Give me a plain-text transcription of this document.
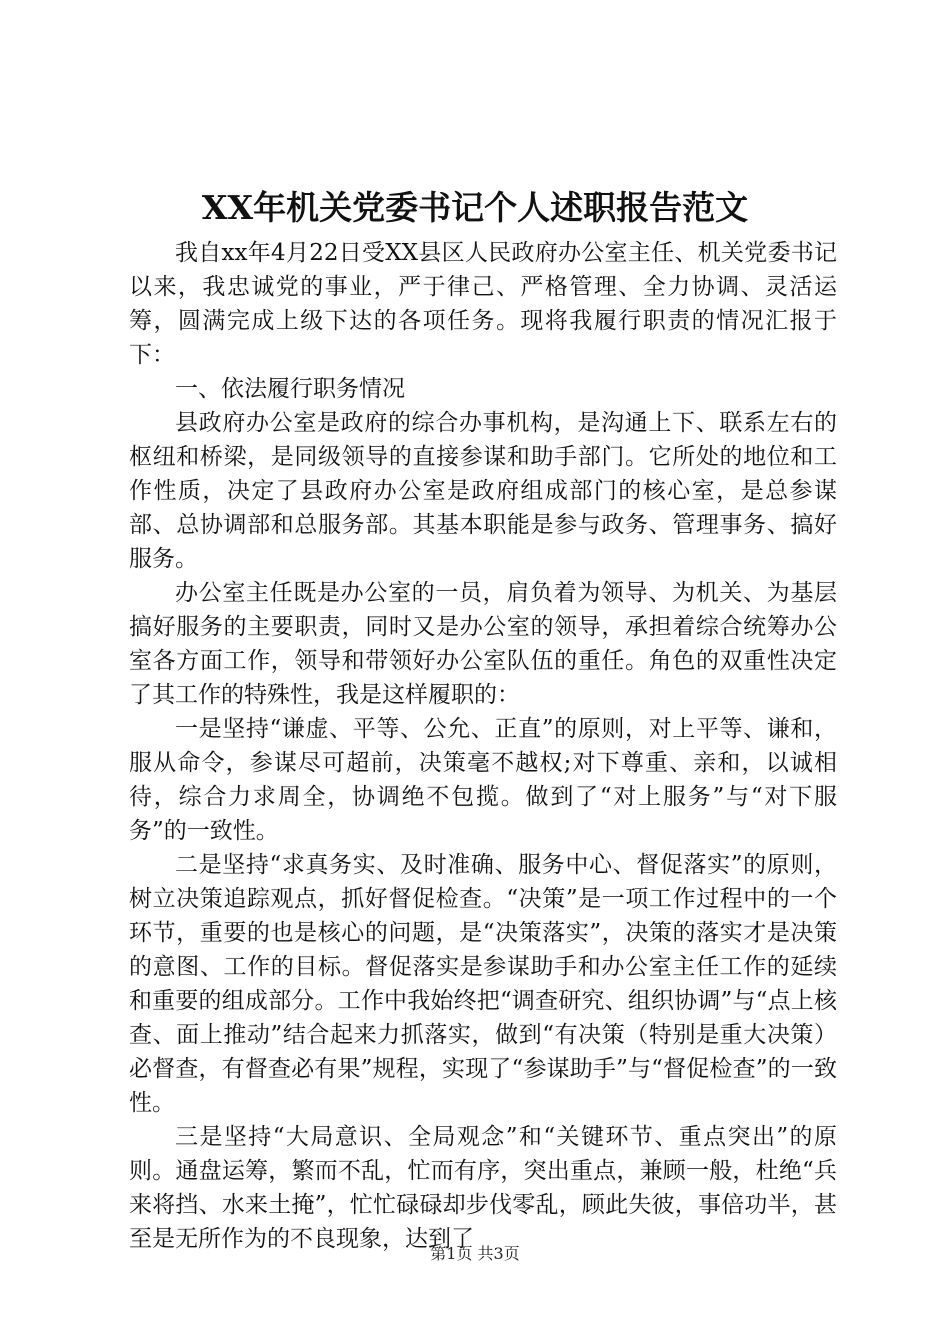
XX年机关党委书记个人述职报告范文

我自xx年4月22日受XX县区人民政府办公室主任、机关党委书记以来，我忠诚党的事业，严于律己、严格管理、全力协调、灵活运筹，圆满完成上级下达的各项任务。现将我履行职责的情况汇报于下：

一、依法履行职务情况

县政府办公室是政府的综合办事机构，是沟通上下、联系左右的枢纽和桥梁，是同级领导的直接参谋和助手部门。它所处的地位和工作性质，决定了县政府办公室是政府组成部门的核心室，是总参谋部、总协调部和总服务部。其基本职能是参与政务、管理事务、搞好服务。

办公室主任既是办公室的一员，肩负着为领导、为机关、为基层搞好服务的主要职责，同时又是办公室的领导，承担着综合统筹办公室各方面工作，领导和带领好办公室队伍的重任。角色的双重性决定了其工作的特殊性，我是这样履职的：

一是坚持“谦虚、平等、公允、正直”的原则，对上平等、谦和，服从命令，参谋尽可超前，决策毫不越权;对下尊重、亲和，以诚相待，综合力求周全，协调绝不包揽。做到了“对上服务”与“对下服务”的一致性。

二是坚持“求真务实、及时准确、服务中心、督促落实”的原则，树立决策追踪观点，抓好督促检查。“决策”是一项工作过程中的一个环节，重要的也是核心的问题，是“决策落实”，决策的落实才是决策的意图、工作的目标。督促落实是参谋助手和办公室主任工作的延续和重要的组成部分。工作中我始终把“调查研究、组织协调”与“点上核查、面上推动”结合起来力抓落实，做到“有决策（特别是重大决策）必督查，有督查必有果”规程，实现了“参谋助手”与“督促检查”的一致性。

三是坚持“大局意识、全局观念”和“关键环节、重点突出”的原则。通盘运筹，繁而不乱，忙而有序，突出重点，兼顾一般，杜绝“兵来将挡、水来土掩”，忙忙碌碌却步伐零乱，顾此失彼，事倍功半，甚至是无所作为的不良现象，达到了

第1页 共3页
